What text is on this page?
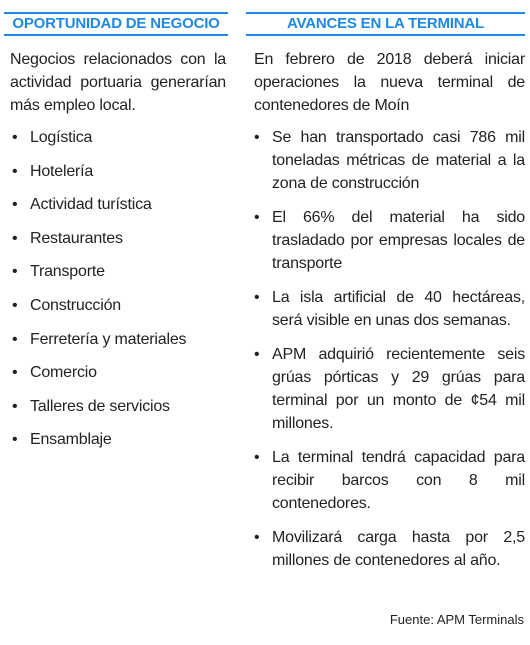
OPORTUNIDAD DE NEGOCIO

Negocios relacionados con la actividad portuaria generarían más empleo local.

• Logística
• Hotelería
• Actividad turística
• Restaurantes
• Transporte
• Construcción
• Ferretería y materiales
• Comercio
• Talleres de servicios
• Ensamblaje
AVANCES EN LA TERMINAL

En febrero de 2018 deberá iniciar operaciones la nueva terminal de contenedores de Moín

• Se han transportado casi 786 mil toneladas métricas de material a la zona de construcción
• El 66% del material ha sido trasladado por empresas locales de transporte
• La isla artificial de 40 hectáreas, será visible en unas dos semanas.
• APM adquirió recientemente seis grúas pórticas y 29 grúas para terminal por un monto de ¢54 mil millones.
• La terminal tendrá capacidad para recibir barcos con 8 mil contenedores.
• Movilizará carga hasta por 2,5 millones de contenedores al año.
Fuente: APM Terminals
